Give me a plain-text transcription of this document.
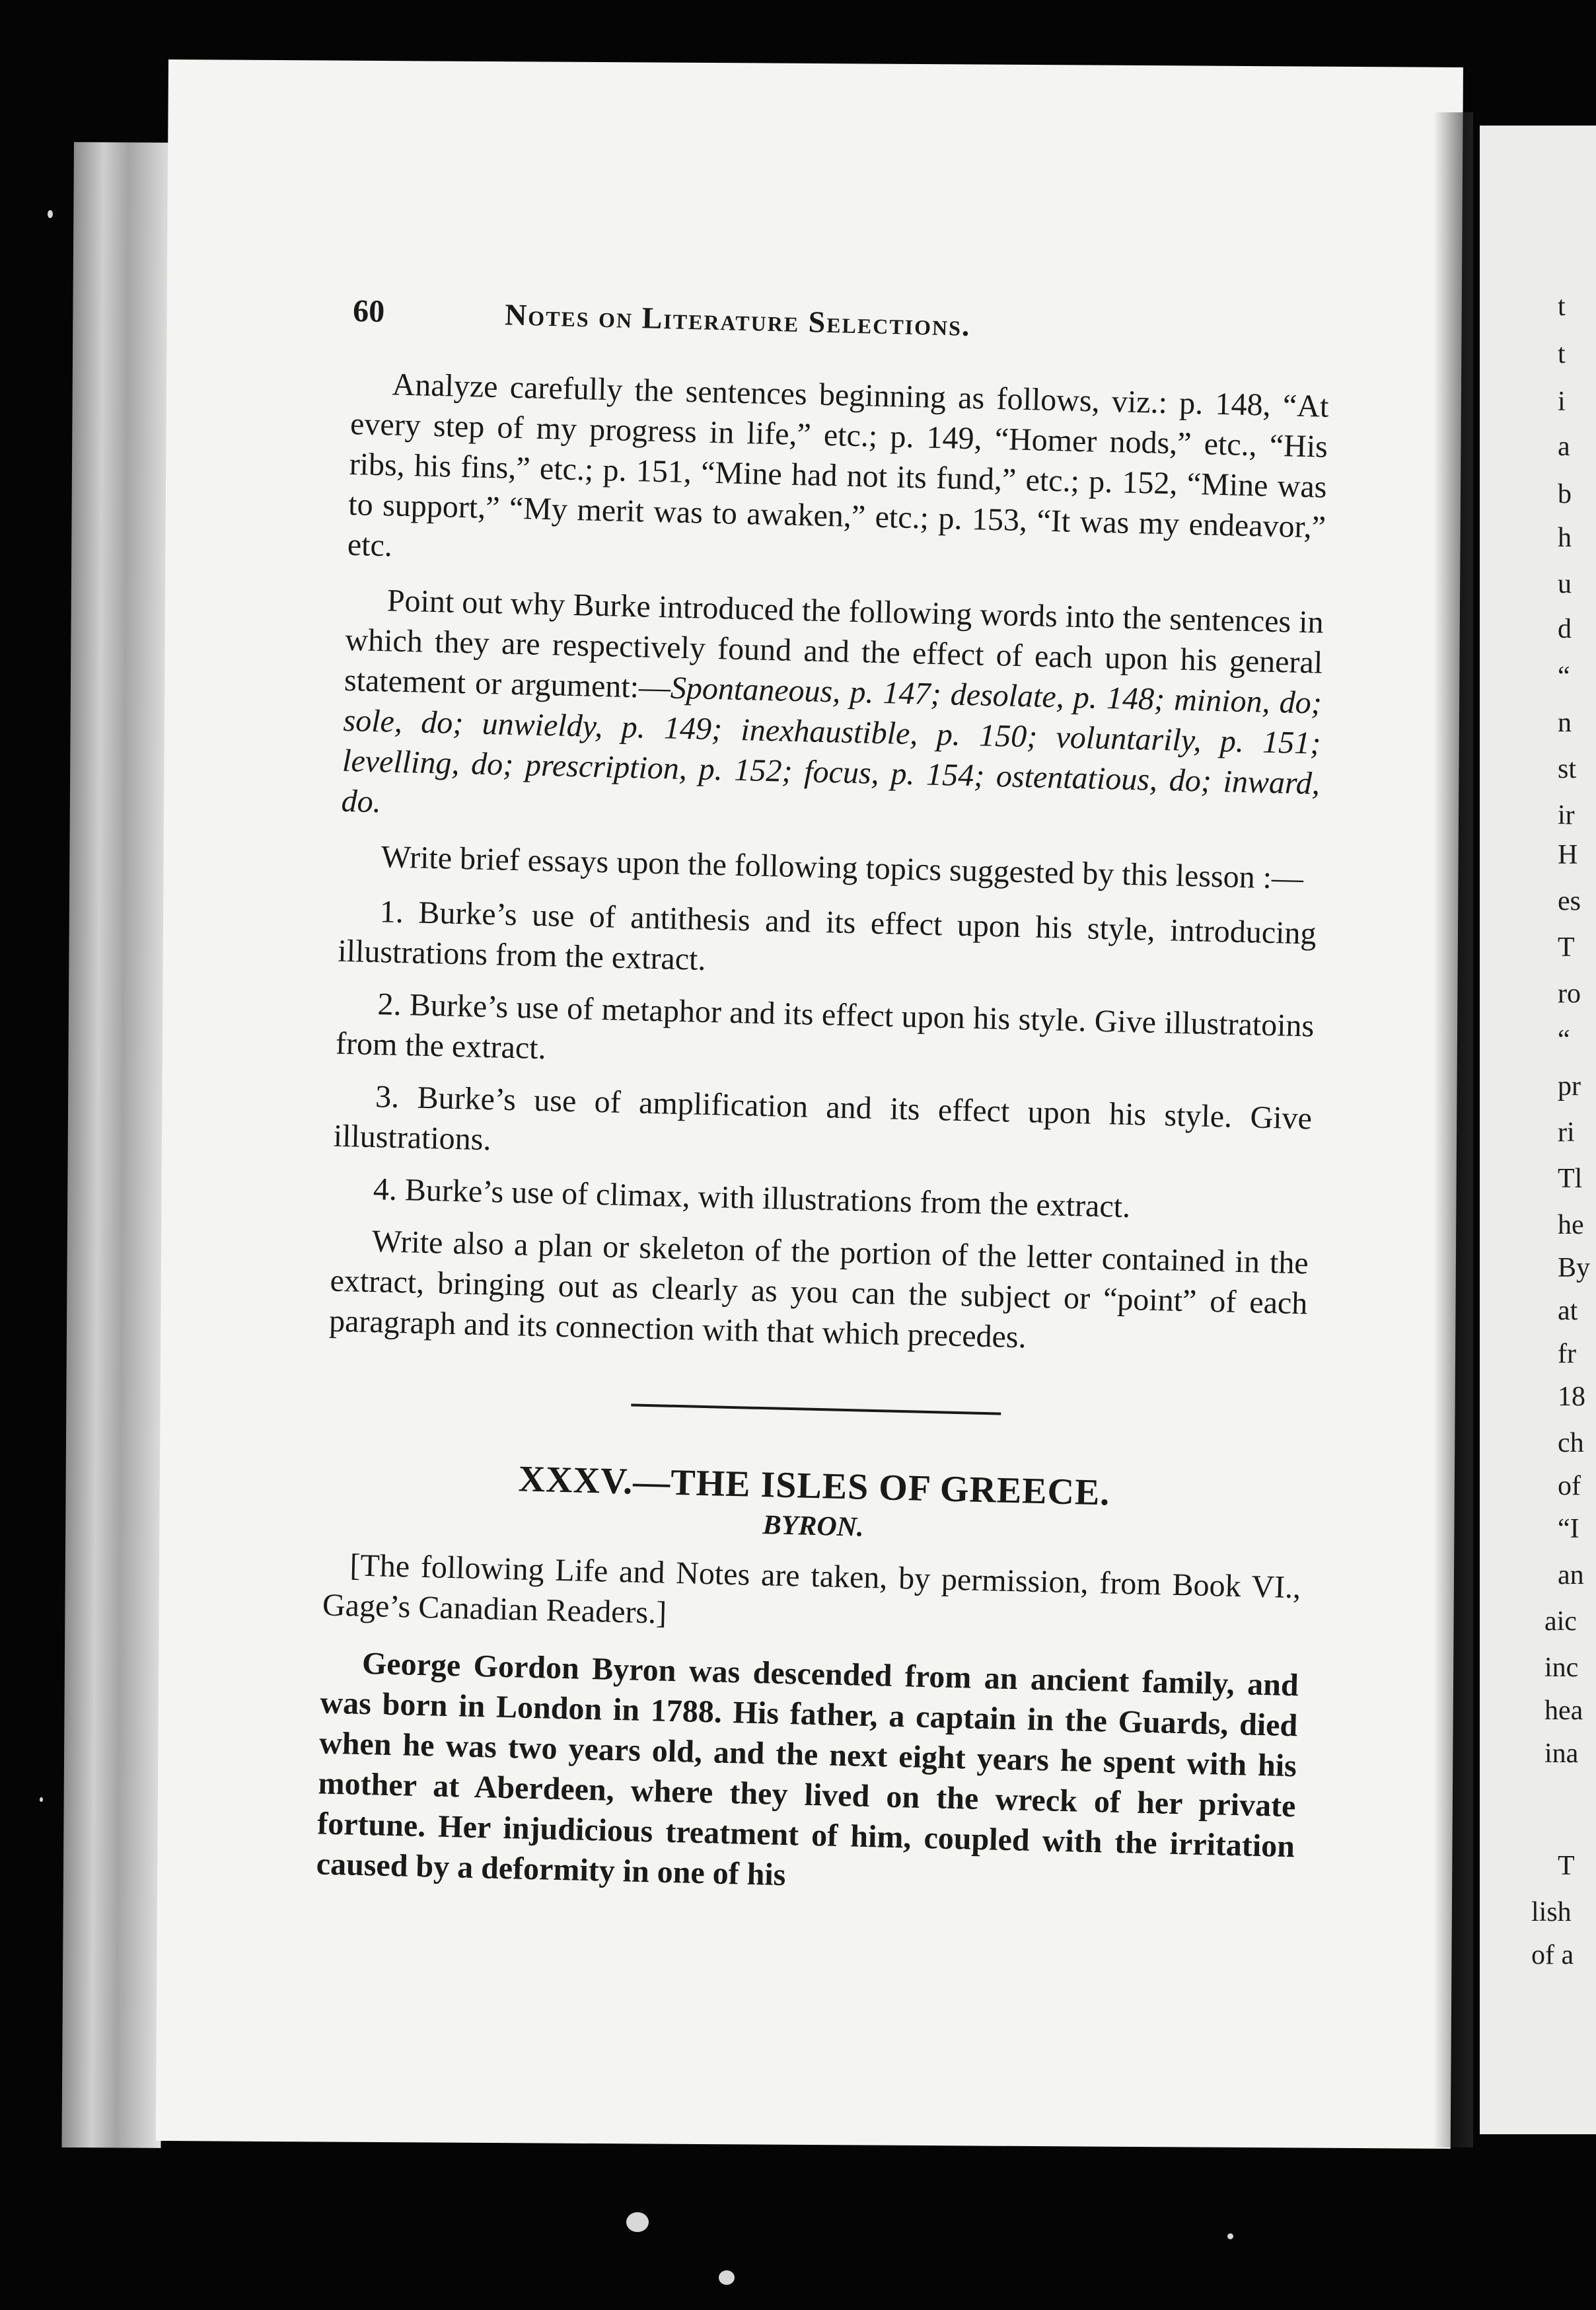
t
t
i
a
b
h
u
d
“
n
st
ir
H
es
T
ro
“
pr
ri
Tl
he
By
at
fr
18
ch
of
“I
an
aic
inc
hea
ina
T
lish
of a
60	Notes on Literature Selections.

Analyze carefully the sentences beginning as follows, viz.: p. 148, “At every step of my progress in life,” etc.; p. 149, “Homer nods,” etc., “His ribs, his fins,” etc.; p. 151, “Mine had not its fund,” etc.; p. 152, “Mine was to support,” “My merit was to awaken,” etc.; p. 153, “It was my endeavor,” etc.

Point out why Burke introduced the following words into the sentences in which they are respectively found and the effect of each upon his general statement or argument:—Spontaneous, p. 147; desolate, p. 148; minion, do; sole, do; unwieldy, p. 149; inexhaustible, p. 150; voluntarily, p. 151; levelling, do; prescription, p. 152; focus, p. 154; ostentatious, do; inward, do.

Write brief essays upon the following topics suggested by this lesson :—

1. Burke’s use of antithesis and its effect upon his style, introducing illustrations from the extract.
2. Burke’s use of metaphor and its effect upon his style. Give illustratoins from the extract.
3. Burke’s use of amplification and its effect upon his style. Give illustrations.
4. Burke’s use of climax, with illustrations from the extract.

Write also a plan or skeleton of the portion of the letter contained in the extract, bringing out as clearly as you can the subject or “point” of each paragraph and its connection with that which precedes.

XXXV.—THE ISLES OF GREECE.

BYRON.

[The following Life and Notes are taken, by permission, from Book VI., Gage’s Canadian Readers.]

George Gordon Byron was descended from an ancient family, and was born in London in 1788. His father, a captain in the Guards, died when he was two years old, and the next eight years he spent with his mother at Aberdeen, where they lived on the wreck of her private fortune. Her injudicious treatment of him, coupled with the irritation caused by a deformity in one of his
